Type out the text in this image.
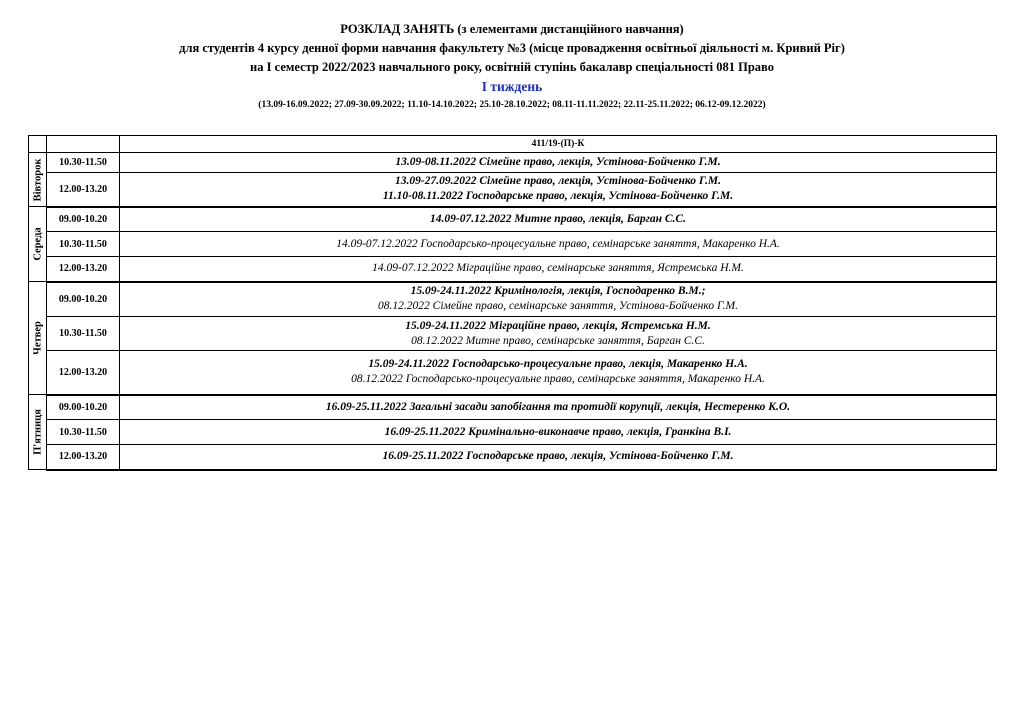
РОЗКЛАД ЗАНЯТЬ (з елементами дистанційного навчання)
для студентів 4 курсу денної форми навчання факультету №3 (місце провадження освітньої діяльності м. Кривий Ріг)
на І семестр 2022/2023 навчального року, освітній ступінь бакалавр спеціальності 081 Право
І тиждень
(13.09-16.09.2022; 27.09-30.09.2022; 11.10-14.10.2022; 25.10-28.10.2022; 08.11-11.11.2022; 22.11-25.11.2022; 06.12-09.12.2022)
		411/19-(П)-К

Вівторок	10.30-11.50	13.09-08.11.2022 Сімейне право, лекція, Устінова-Бойченко Г.М.

	12.00-13.20	13.09-27.09.2022 Сімейне право, лекція, Устінова-Бойченко Г.М.
11.10-08.11.2022 Господарське право, лекція, Устінова-Бойченко Г.М.

Середа	09.00-10.20	14.09-07.12.2022 Митне право, лекція, Барган С.С.

	10.30-11.50	14.09-07.12.2022 Господарсько-процесуальне право, семінарське заняття, Макаренко Н.А.

	12.00-13.20	14.09-07.12.2022 Міграційне право, семінарське заняття, Ястремська Н.М.

Четвер	09.00-10.20	15.09-24.11.2022 Кримінологія, лекція, Господаренко В.М.;
08.12.2022 Сімейне право, семінарське заняття, Устінова-Бойченко Г.М.

	10.30-11.50	15.09-24.11.2022 Міграційне право, лекція, Ястремська Н.М.
08.12.2022 Митне право, семінарське заняття, Барган С.С.

	12.00-13.20	15.09-24.11.2022 Господарсько-процесуальне право, лекція, Макаренко Н.А.
08.12.2022 Господарсько-процесуальне право, семінарське заняття, Макаренко Н.А.

П'ятниця	09.00-10.20	16.09-25.11.2022 Загальні засади запобігання та протидії корупції, лекція, Нестеренко К.О.

	10.30-11.50	16.09-25.11.2022 Кримінально-виконавче право, лекція, Гранкіна В.І.

	12.00-13.20	16.09-25.11.2022 Господарське право, лекція, Устінова-Бойченко Г.М.
